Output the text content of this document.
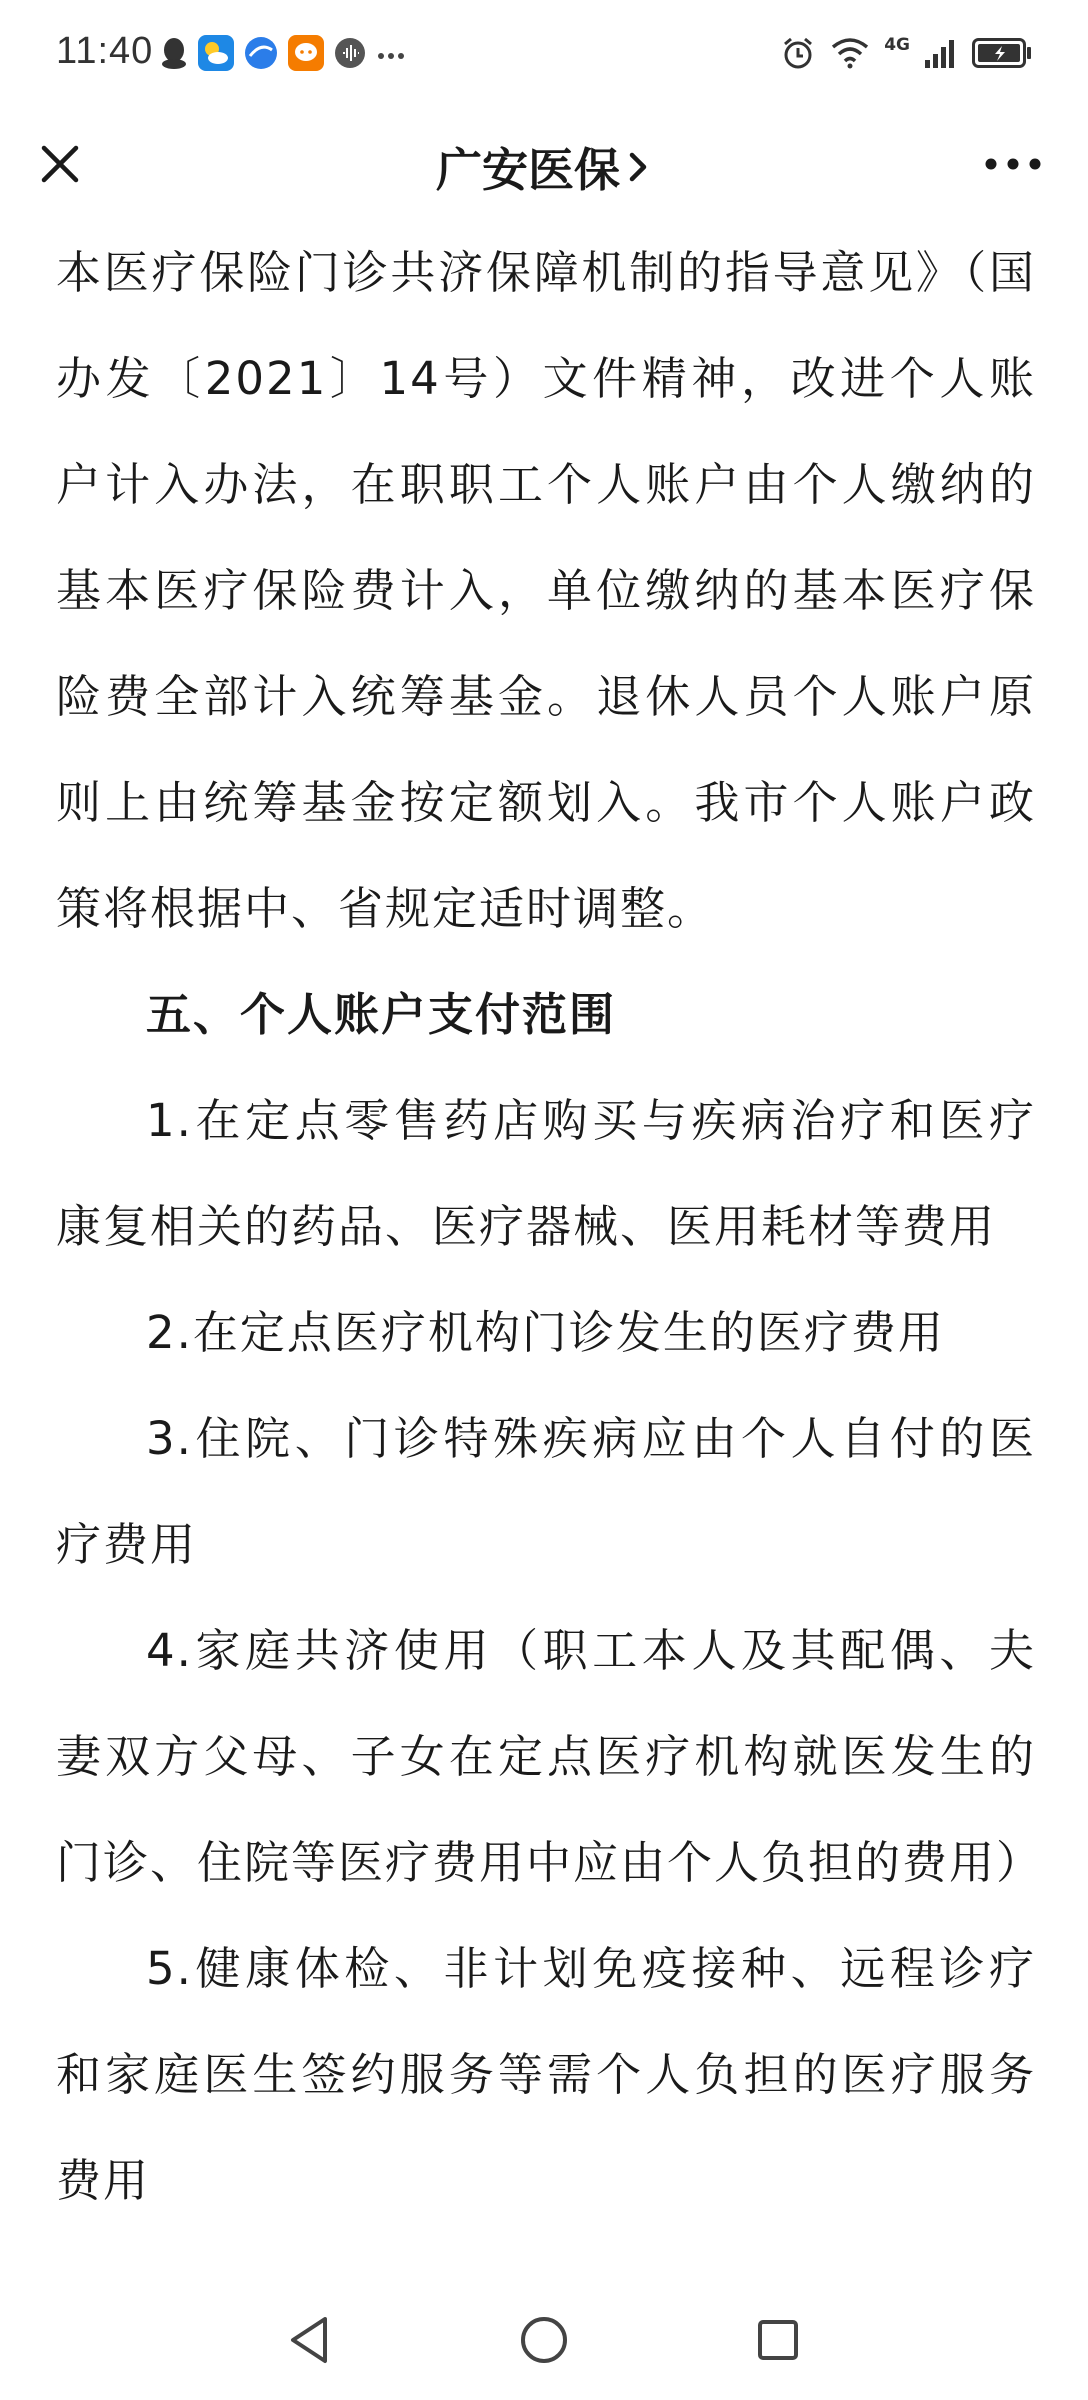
11:40	4G
广安医保

本医疗保险门诊共济保障机制的指导意见》（国办发〔2021〕14号）文件精神，改进个人账户计入办法，在职职工个人账户由个人缴纳的基本医疗保险费计入，单位缴纳的基本医疗保险费全部计入统筹基金。退休人员个人账户原则上由统筹基金按定额划入。我市个人账户政策将根据中、省规定适时调整。

五、个人账户支付范围

1.在定点零售药店购买与疾病治疗和医疗康复相关的药品、医疗器械、医用耗材等费用

2.在定点医疗机构门诊发生的医疗费用

3.住院、门诊特殊疾病应由个人自付的医疗费用

4.家庭共济使用（职工本人及其配偶、夫妻双方父母、子女在定点医疗机构就医发生的门诊、住院等医疗费用中应由个人负担的费用）

5.健康体检、非计划免疫接种、远程诊疗和家庭医生签约服务等需个人负担的医疗服务费用
